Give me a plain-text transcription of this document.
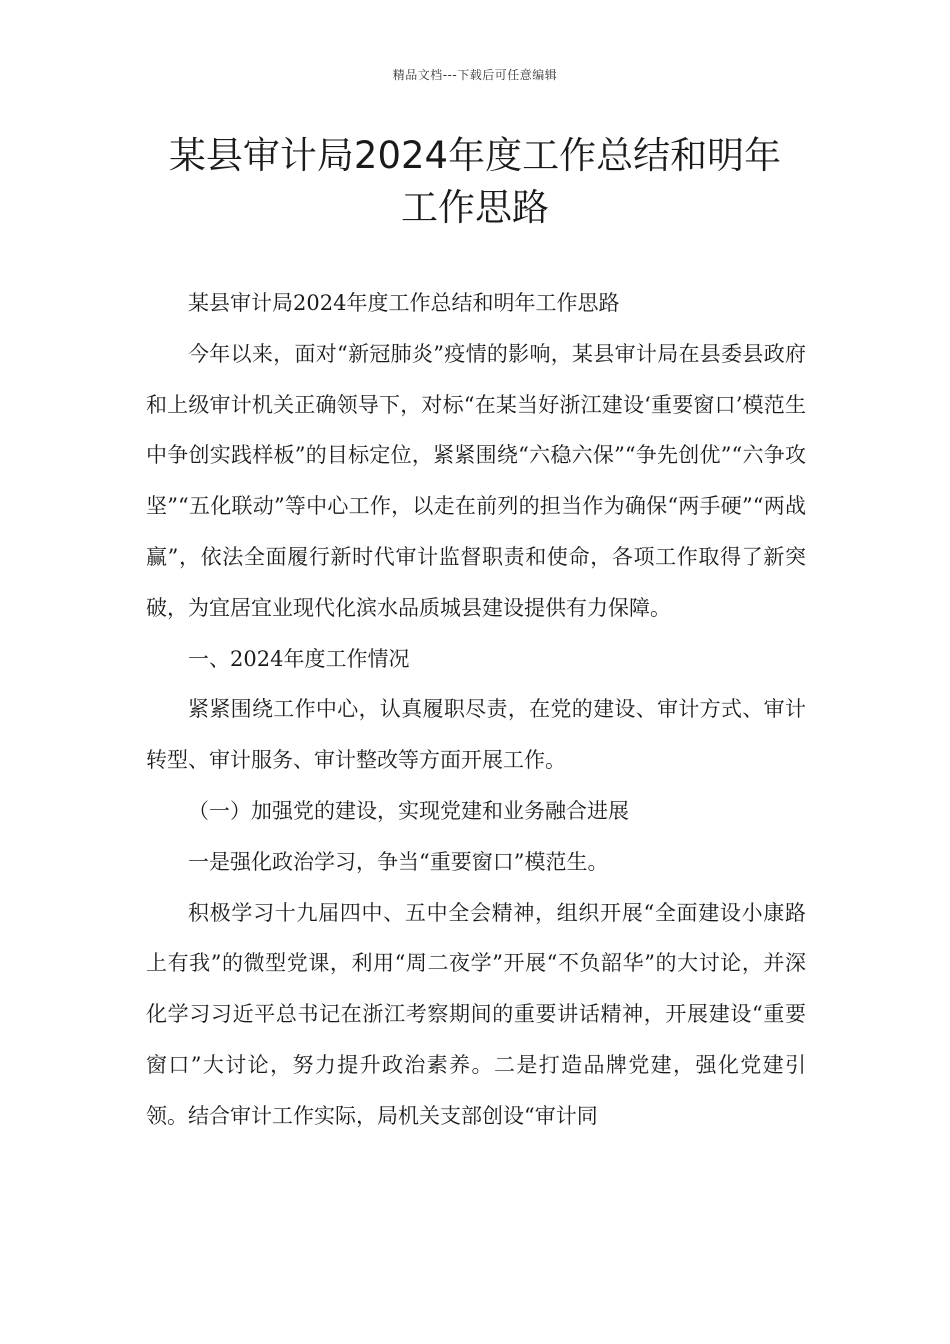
精品文档---下载后可任意编辑
某县审计局2024年度工作总结和明年
工作思路

某县审计局2024年度工作总结和明年工作思路

今年以来，面对“新冠肺炎”疫情的影响，某县审计局在县委县政府和上级审计机关正确领导下，对标“在某当好浙江建设‘重要窗口’模范生中争创实践样板”的目标定位，紧紧围绕“六稳六保”“争先创优”“六争攻坚”“五化联动”等中心工作，以走在前列的担当作为确保“两手硬”“两战赢”，依法全面履行新时代审计监督职责和使命，各项工作取得了新突破，为宜居宜业现代化滨水品质城县建设提供有力保障。

一、2024年度工作情况

紧紧围绕工作中心，认真履职尽责，在党的建设、审计方式、审计转型、审计服务、审计整改等方面开展工作。

（一）加强党的建设，实现党建和业务融合进展

一是强化政治学习，争当“重要窗口”模范生。

积极学习十九届四中、五中全会精神，组织开展“全面建设小康路上有我”的微型党课，利用“周二夜学”开展“不负韶华”的大讨论，并深化学习习近平总书记在浙江考察期间的重要讲话精神，开展建设“重要窗口”大讨论，努力提升政治素养。二是打造品牌党建，强化党建引领。结合审计工作实际，局机关支部创设“审计同
